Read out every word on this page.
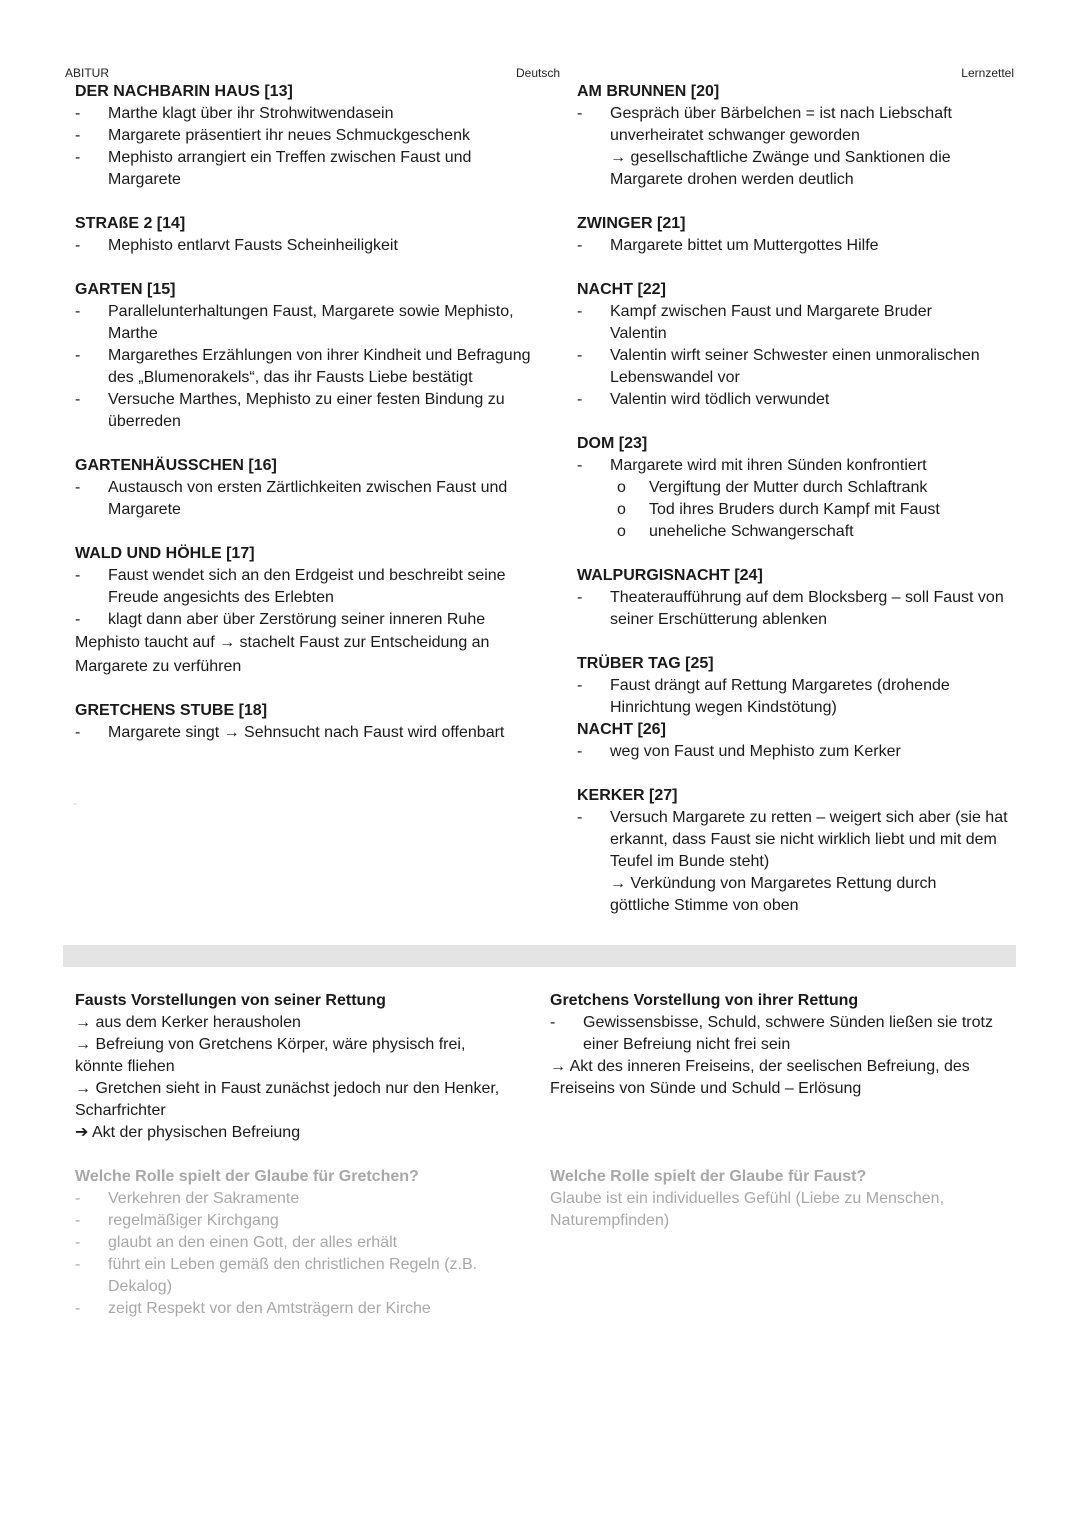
ABITUR	Deutsch	Lernzettel
DER NACHBARIN HAUS [13]
- Marthe klagt über ihr Strohwitwendasein
- Margarete präsentiert ihr neues Schmuckgeschenk
- Mephisto arrangiert ein Treffen zwischen Faust und Margarete
STRAßE 2 [14]
- Mephisto entlarvt Fausts Scheinheiligkeit
GARTEN [15]
- Parallelunterhaltungen Faust, Margarete sowie Mephisto, Marthe
- Margarethes Erzählungen von ihrer Kindheit und Befragung des „Blumenorakels“, das ihr Fausts Liebe bestätigt
- Versuche Marthes, Mephisto zu einer festen Bindung zu überreden
GARTENHÄUSSCHEN [16]
- Austausch von ersten Zärtlichkeiten zwischen Faust und Margarete
WALD UND HÖHLE [17]
- Faust wendet sich an den Erdgeist und beschreibt seine Freude angesichts des Erlebten
- klagt dann aber über Zerstörung seiner inneren Ruhe
Mephisto taucht auf → stachelt Faust zur Entscheidung an Margarete zu verführen
GRETCHENS STUBE [18]
- Margarete singt → Sehnsucht nach Faust wird offenbart
-
AM BRUNNEN [20]
- Gespräch über Bärbelchen = ist nach Liebschaft unverheiratet schwanger geworden
→ gesellschaftliche Zwänge und Sanktionen die Margarete drohen werden deutlich
ZWINGER [21]
- Margarete bittet um Muttergottes Hilfe
NACHT [22]
- Kampf zwischen Faust und Margarete Bruder Valentin
- Valentin wirft seiner Schwester einen unmoralischen Lebenswandel vor
- Valentin wird tödlich verwundet
DOM [23]
- Margarete wird mit ihren Sünden konfrontiert
o Vergiftung der Mutter durch Schlaftrank
o Tod ihres Bruders durch Kampf mit Faust
o uneheliche Schwangerschaft
WALPURGISNACHT [24]
- Theateraufführung auf dem Blocksberg – soll Faust von seiner Erschütterung ablenken
TRÜBER TAG [25]
- Faust drängt auf Rettung Margaretes (drohende Hinrichtung wegen Kindstötung)
NACHT [26]
- weg von Faust und Mephisto zum Kerker
KERKER [27]
- Versuch Margarete zu retten – weigert sich aber (sie hat erkannt, dass Faust sie nicht wirklich liebt und mit dem Teufel im Bunde steht)
→ Verkündung von Margaretes Rettung durch göttliche Stimme von oben
Fausts Vorstellungen von seiner Rettung
→ aus dem Kerker herausholen
→ Befreiung von Gretchens Körper, wäre physisch frei, könnte fliehen
→ Gretchen sieht in Faust zunächst jedoch nur den Henker, Scharfrichter
➔ Akt der physischen Befreiung
Welche Rolle spielt der Glaube für Gretchen?
- Verkehren der Sakramente
- regelmäßiger Kirchgang
- glaubt an den einen Gott, der alles erhält
- führt ein Leben gemäß den christlichen Regeln (z.B. Dekalog)
- zeigt Respekt vor den Amtsträgern der Kirche
Gretchens Vorstellung von ihrer Rettung
- Gewissensbisse, Schuld, schwere Sünden ließen sie trotz einer Befreiung nicht frei sein
→ Akt des inneren Freiseins, der seelischen Befreiung, des Freiseins von Sünde und Schuld – Erlösung
Welche Rolle spielt der Glaube für Faust?
Glaube ist ein individuelles Gefühl (Liebe zu Menschen, Naturempfinden)
